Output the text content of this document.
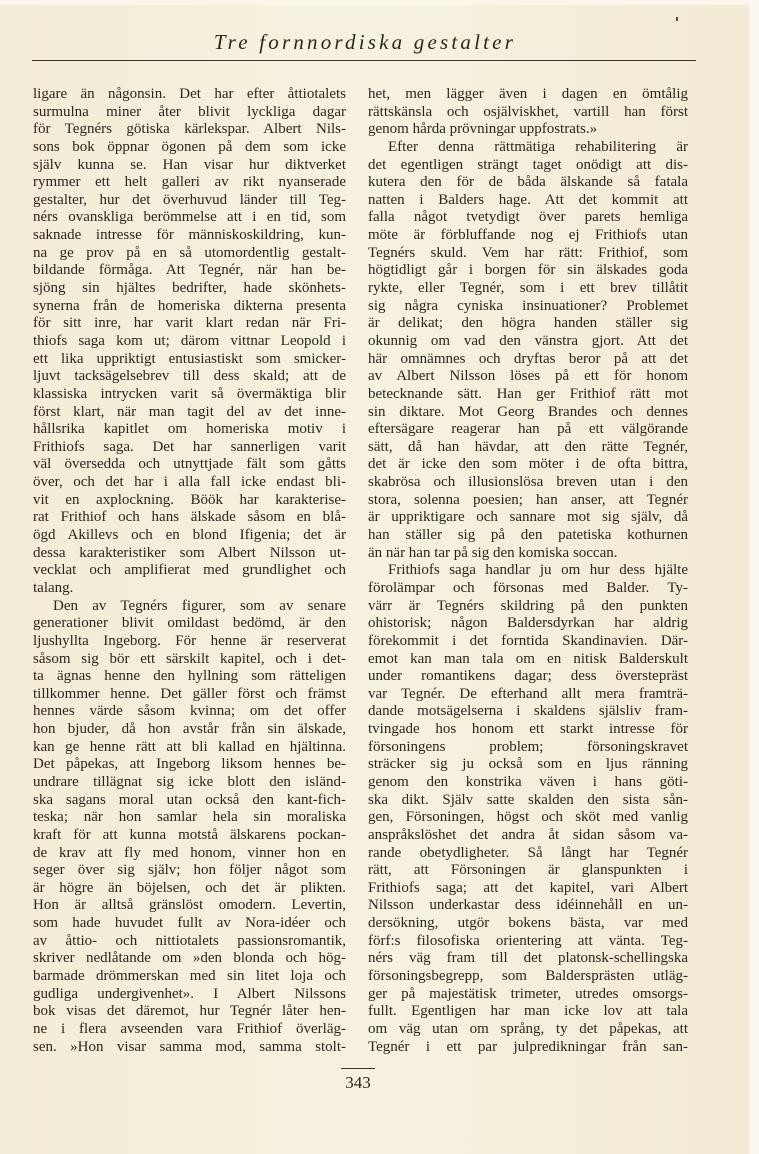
Tre fornnordiska gestalter
ligare än någonsin. Det har efter åttiotalets
surmulna miner åter blivit lyckliga dagar
för Tegnérs götiska kärlekspar. Albert Nils-
sons bok öppnar ögonen på dem som icke
själv kunna se. Han visar hur diktverket
rymmer ett helt galleri av rikt nyanserade
gestalter, hur det överhuvud länder till Teg-
nérs ovanskliga berömmelse att i en tid, som
saknade intresse för människoskildring, kun-
na ge prov på en så utomordentlig gestalt-
bildande förmåga. Att Tegnér, när han be-
sjöng sin hjältes bedrifter, hade skönhets-
synerna från de homeriska dikterna presenta
för sitt inre, har varit klart redan när Fri-
thiofs saga kom ut; därom vittnar Leopold i
ett lika uppriktigt entusiastiskt som smicker-
ljuvt tacksägelsebrev till dess skald; att de
klassiska intrycken varit så övermäktiga blir
först klart, när man tagit del av det inne-
hållsrika kapitlet om homeriska motiv i
Frithiofs saga. Det har sannerligen varit
väl översedda och utnyttjade fält som gåtts
över, och det har i alla fall icke endast bli-
vit en axplockning. Böök har karakterise-
rat Frithiof och hans älskade såsom en blå-
ögd Akillevs och en blond Ifigenia; det är
dessa karakteristiker som Albert Nilsson ut-
vecklat och amplifierat med grundlighet och
talang.
Den av Tegnérs figurer, som av senare
generationer blivit omildast bedömd, är den
ljushyllta Ingeborg. För henne är reserverat
såsom sig bör ett särskilt kapitel, och i det-
ta ägnas henne den hyllning som rätteligen
tillkommer henne. Det gäller först och främst
hennes värde såsom kvinna; om det offer
hon bjuder, då hon avstår från sin älskade,
kan ge henne rätt att bli kallad en hjältinna.
Det påpekas, att Ingeborg liksom hennes be-
undrare tillägnat sig icke blott den isländ-
ska sagans moral utan också den kant-fich-
teska; när hon samlar hela sin moraliska
kraft för att kunna motstå älskarens pockan-
de krav att fly med honom, vinner hon en
seger över sig själv; hon följer något som
är högre än böjelsen, och det är plikten.
Hon är alltså gränslöst omodern. Levertin,
som hade huvudet fullt av Nora-idéer och
av åttio- och nittiotalets passionsromantik,
skriver nedlåtande om »den blonda och hög-
barmade drömmerskan med sin litet loja och
gudliga undergivenhet». I Albert Nilssons
bok visas det däremot, hur Tegnér låter hen-
ne i flera avseenden vara Frithiof överläg-
sen. »Hon visar samma mod, samma stolt-
het, men lägger även i dagen en ömtålig
rättskänsla och osjälviskhet, vartill han först
genom hårda prövningar uppfostrats.»
Efter denna rättmätiga rehabilitering är
det egentligen strängt taget onödigt att dis-
kutera den för de båda älskande så fatala
natten i Balders hage. Att det kommit att
falla något tvetydigt över parets hemliga
möte är förbluffande nog ej Frithiofs utan
Tegnérs skuld. Vem har rätt: Frithiof, som
högtidligt går i borgen för sin älskades goda
rykte, eller Tegnér, som i ett brev tillåtit
sig några cyniska insinuationer? Problemet
är delikat; den högra handen ställer sig
okunnig om vad den vänstra gjort. Att det
här omnämnes och dryftas beror på att det
av Albert Nilsson löses på ett för honom
betecknande sätt. Han ger Frithiof rätt mot
sin diktare. Mot Georg Brandes och dennes
eftersägare reagerar han på ett välgörande
sätt, då han hävdar, att den rätte Tegnér,
det är icke den som möter i de ofta bittra,
skabrösa och illusionslösa breven utan i den
stora, solenna poesien; han anser, att Tegnér
är uppriktigare och sannare mot sig själv, då
han ställer sig på den patetiska kothurnen
än när han tar på sig den komiska soccan.
Frithiofs saga handlar ju om hur dess hjälte
förolämpar och försonas med Balder. Ty-
värr är Tegnérs skildring på den punkten
ohistorisk; någon Baldersdyrkan har aldrig
förekommit i det forntida Skandinavien. Där-
emot kan man tala om en nitisk Balderskult
under romantikens dagar; dess överstepräst
var Tegnér. De efterhand allt mera framträ-
dande motsägelserna i skaldens själsliv fram-
tvingade hos honom ett starkt intresse för
försoningens problem; försoningskravet
sträcker sig ju också som en ljus ränning
genom den konstrika väven i hans göti-
ska dikt. Själv satte skalden den sista sån-
gen, Försoningen, högst och sköt med vanlig
anspråkslöshet det andra åt sidan såsom va-
rande obetydligheter. Så långt har Tegnér
rätt, att Försoningen är glanspunkten i
Frithiofs saga; att det kapitel, vari Albert
Nilsson underkastar dess idéinnehåll en un-
dersökning, utgör bokens bästa, var med
förf:s filosofiska orientering att vänta. Teg-
nérs väg fram till det platonsk-schellingska
försoningsbegrepp, som Baldersprästen utläg-
ger på majestätisk trimeter, utredes omsorgs-
fullt. Egentligen har man icke lov att tala
om väg utan om språng, ty det påpekas, att
Tegnér i ett par julpredikningar från san-
343
